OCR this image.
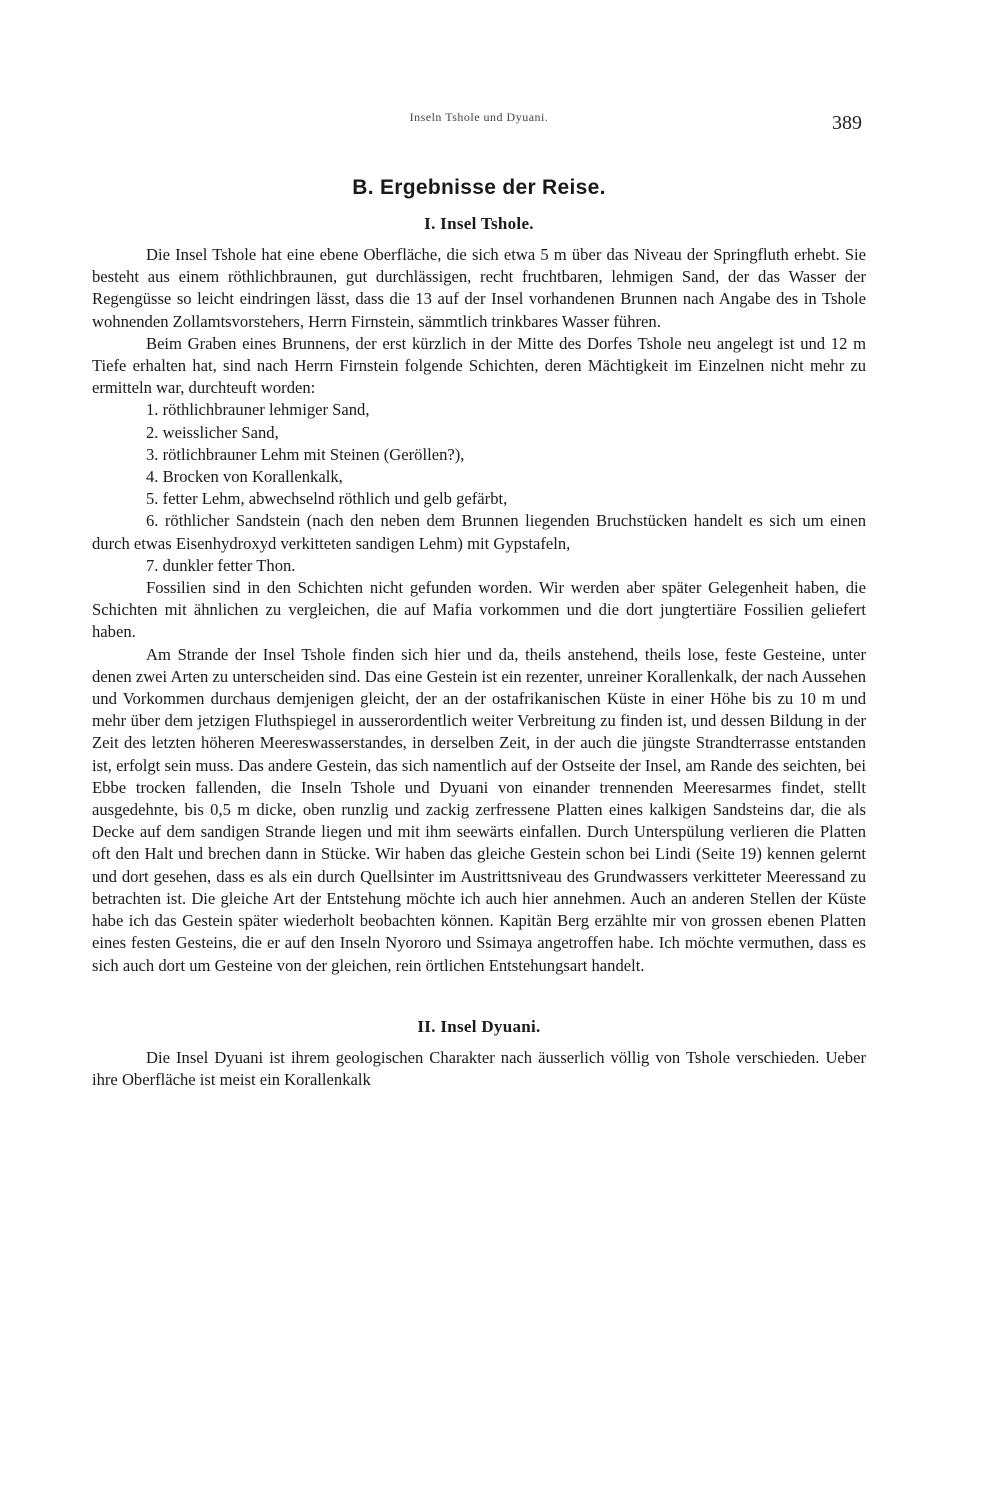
Inseln Tshole und Dyuani.	389
B. Ergebnisse der Reise.
I. Insel Tshole.

Die Insel Tshole hat eine ebene Oberfläche, die sich etwa 5 m über das Niveau der Springfluth erhebt. Sie besteht aus einem röthlichbraunen, gut durchlässigen, recht fruchtbaren, lehmigen Sand, der das Wasser der Regengüsse so leicht eindringen lässt, dass die 13 auf der Insel vorhandenen Brunnen nach Angabe des in Tshole wohnenden Zollamtsvorstehers, Herrn Firnstein, sämmtlich trinkbares Wasser führen.

Beim Graben eines Brunnens, der erst kürzlich in der Mitte des Dorfes Tshole neu angelegt ist und 12 m Tiefe erhalten hat, sind nach Herrn Firnstein folgende Schichten, deren Mächtigkeit im Einzelnen nicht mehr zu ermitteln war, durchteuft worden:

1. röthlichbrauner lehmiger Sand,
2. weisslicher Sand,
3. rötlichbrauner Lehm mit Steinen (Geröllen?),
4. Brocken von Korallenkalk,
5. fetter Lehm, abwechselnd röthlich und gelb gefärbt,
6. röthlicher Sandstein (nach den neben dem Brunnen liegenden Bruchstücken handelt es sich um einen durch etwas Eisenhydroxyd verkitteten sandigen Lehm) mit Gypstafeln,
7. dunkler fetter Thon.

Fossilien sind in den Schichten nicht gefunden worden. Wir werden aber später Gelegenheit haben, die Schichten mit ähnlichen zu vergleichen, die auf Mafia vorkommen und die dort jungtertiäre Fossilien geliefert haben.

Am Strande der Insel Tshole finden sich hier und da, theils anstehend, theils lose, feste Gesteine, unter denen zwei Arten zu unterscheiden sind. Das eine Gestein ist ein rezenter, unreiner Korallenkalk, der nach Aussehen und Vorkommen durchaus demjenigen gleicht, der an der ostafrikanischen Küste in einer Höhe bis zu 10 m und mehr über dem jetzigen Fluthspiegel in ausserordentlich weiter Verbreitung zu finden ist, und dessen Bildung in der Zeit des letzten höheren Meereswasserstandes, in derselben Zeit, in der auch die jüngste Strandterrasse entstanden ist, erfolgt sein muss. Das andere Gestein, das sich namentlich auf der Ostseite der Insel, am Rande des seichten, bei Ebbe trocken fallenden, die Inseln Tshole und Dyuani von einander trennenden Meeresarmes findet, stellt ausgedehnte, bis 0,5 m dicke, oben runzlig und zackig zerfressene Platten eines kalkigen Sandsteins dar, die als Decke auf dem sandigen Strande liegen und mit ihm seewärts einfallen. Durch Unterspülung verlieren die Platten oft den Halt und brechen dann in Stücke. Wir haben das gleiche Gestein schon bei Lindi (Seite 19) kennen gelernt und dort gesehen, dass es als ein durch Quellsinter im Austrittsniveau des Grundwassers verkitteter Meeressand zu betrachten ist. Die gleiche Art der Entstehung möchte ich auch hier annehmen. Auch an anderen Stellen der Küste habe ich das Gestein später wiederholt beobachten können. Kapitän Berg erzählte mir von grossen ebenen Platten eines festen Gesteins, die er auf den Inseln Nyororo und Ssimaya angetroffen habe. Ich möchte vermuthen, dass es sich auch dort um Gesteine von der gleichen, rein örtlichen Entstehungsart handelt.

II. Insel Dyuani.

Die Insel Dyuani ist ihrem geologischen Charakter nach äusserlich völlig von Tshole verschieden. Ueber ihre Oberfläche ist meist ein Korallenkalk
